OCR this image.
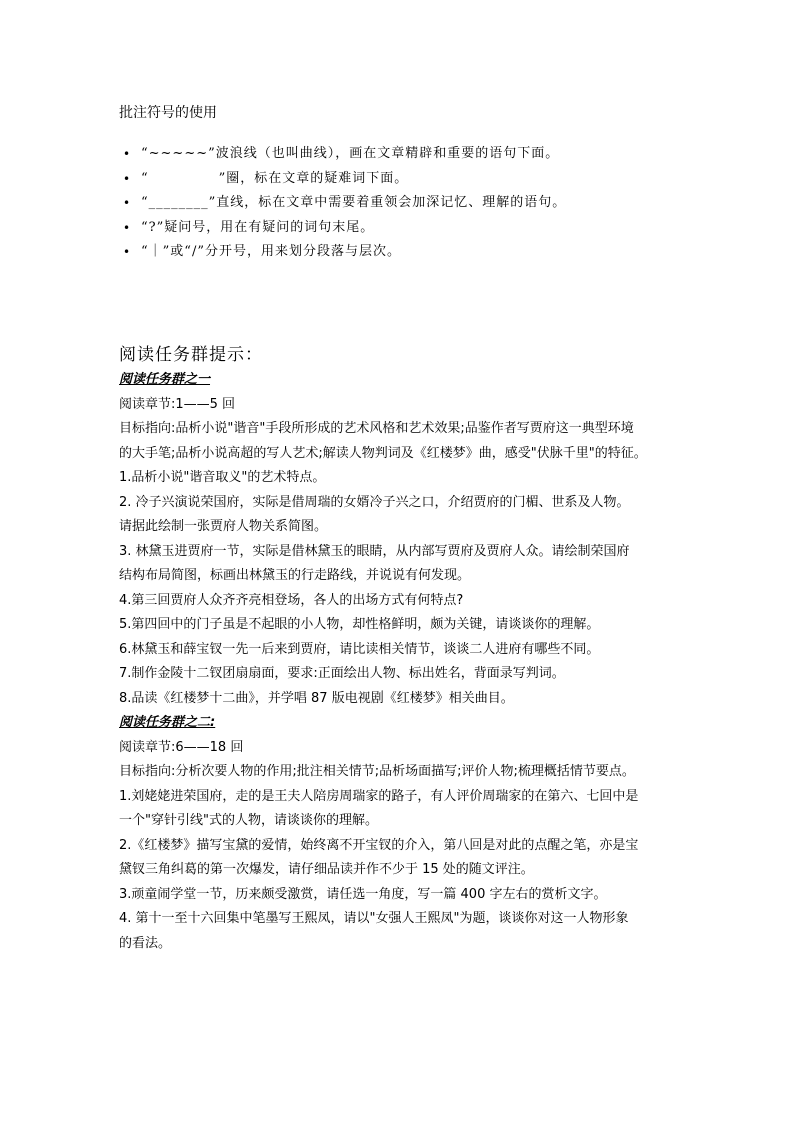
批注符号的使用
• “~~~~~”波浪线（也叫曲线），画在文章精辟和重要的语句下面。
• “　　　　　”圈，标在文章的疑难词下面。
• “________”直线，标在文章中需要着重领会加深记忆、理解的语句。
• “?”疑问号，用在有疑问的词句末尾。
• “｜”或“/”分开号，用来划分段落与层次。
阅读任务群提示：
阅读任务群之一
阅读章节:1——5 回
目标指向:品析小说"谐音"手段所形成的艺术风格和艺术效果;品鉴作者写贾府这一典型环境
的大手笔;品析小说高超的写人艺术;解读人物判词及《红楼梦》曲，感受"伏脉千里"的特征。
1.品析小说"谐音取义"的艺术特点。
2. 冷子兴演说荣国府，实际是借周瑞的女婿冷子兴之口，介绍贾府的门楣、世系及人物。
请据此绘制一张贾府人物关系简图。
3. 林黛玉进贾府一节，实际是借林黛玉的眼睛，从内部写贾府及贾府人众。请绘制荣国府
结构布局简图，标画出林黛玉的行走路线，并说说有何发现。
4.第三回贾府人众齐齐亮相登场，各人的出场方式有何特点?
5.第四回中的门子虽是不起眼的小人物，却性格鲜明，颇为关键，请谈谈你的理解。
6.林黛玉和薛宝钗一先一后来到贾府，请比读相关情节，谈谈二人进府有哪些不同。
7.制作金陵十二钗团扇扇面，要求:正面绘出人物、标出姓名，背面录写判词。
8.品读《红楼梦十二曲》，并学唱 87 版电视剧《红楼梦》相关曲目。
阅读任务群之二:
阅读章节:6——18 回
目标指向:分析次要人物的作用;批注相关情节;品析场面描写;评价人物;梳理概括情节要点。
1.刘姥姥进荣国府，走的是王夫人陪房周瑞家的路子，有人评价周瑞家的在第六、七回中是
一个"穿针引线"式的人物，请谈谈你的理解。
2.《红楼梦》描写宝黛的爱情，始终离不开宝钗的介入，第八回是对此的点醒之笔，亦是宝
黛钗三角纠葛的第一次爆发，请仔细品读并作不少于 15 处的随文评注。
3.顽童闹学堂一节，历来颇受激赏，请任选一角度，写一篇 400 字左右的赏析文字。
4. 第十一至十六回集中笔墨写王熙凤，请以"女强人王熙凤"为题，谈谈你对这一人物形象
的看法。
